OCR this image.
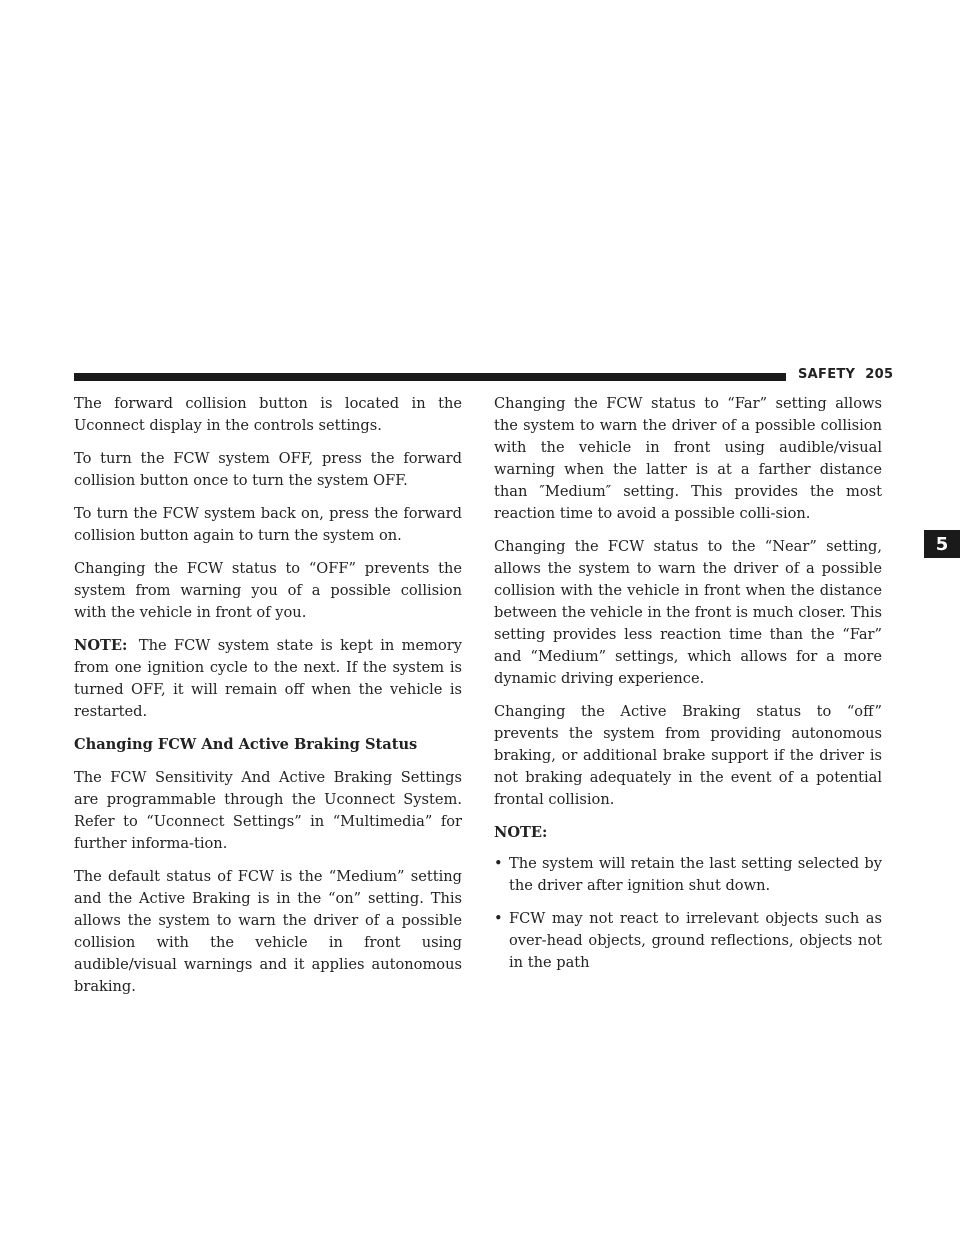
SAFETY 205
5

The forward collision button is located in the Uconnect display in the controls settings.

To turn the FCW system OFF, press the forward collision button once to turn the system OFF.

To turn the FCW system back on, press the forward collision button again to turn the system on.

Changing the FCW status to “OFF” prevents the system from warning you of a possible collision with the vehicle in front of you.

NOTE: The FCW system state is kept in memory from one ignition cycle to the next. If the system is turned OFF, it will remain off when the vehicle is restarted.

Changing FCW And Active Braking Status

The FCW Sensitivity And Active Braking Settings are programmable through the Uconnect System. Refer to “Uconnect Settings” in “Multimedia” for further informa-tion.

The default status of FCW is the “Medium” setting and the Active Braking is in the “on” setting. This allows the system to warn the driver of a possible collision with the vehicle in front using audible/visual warnings and it applies autonomous braking.

Changing the FCW status to “Far” setting allows the system to warn the driver of a possible collision with the vehicle in front using audible/visual warning when the latter is at a farther distance than ″Medium″ setting. This provides the most reaction time to avoid a possible colli-sion.

Changing the FCW status to the “Near” setting, allows the system to warn the driver of a possible collision with the vehicle in front when the distance between the vehicle in the front is much closer. This setting provides less reaction time than the “Far” and “Medium” settings, which allows for a more dynamic driving experience.

Changing the Active Braking status to “off” prevents the system from providing autonomous braking, or additional brake support if the driver is not braking adequately in the event of a potential frontal collision.

NOTE:
• The system will retain the last setting selected by the driver after ignition shut down.
• FCW may not react to irrelevant objects such as over-head objects, ground reflections, objects not in the path
